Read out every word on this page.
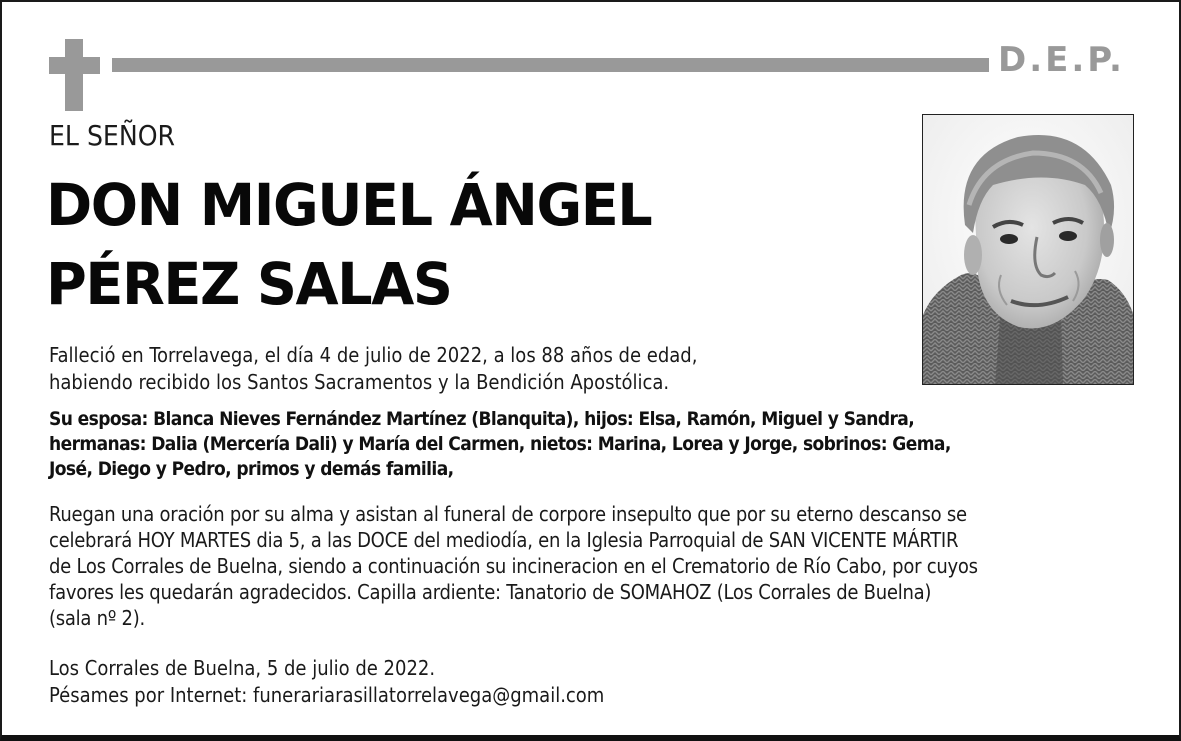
D.E.P.
EL SEÑOR
DON MIGUEL ÁNGEL
PÉREZ SALAS
Falleció en Torrelavega, el día 4 de julio de 2022, a los 88 años de edad,
habiendo recibido los Santos Sacramentos y la Bendición Apostólica.
Su esposa: Blanca Nieves Fernández Martínez (Blanquita), hijos: Elsa, Ramón, Miguel y Sandra,
hermanas: Dalia (Mercería Dali) y María del Carmen, nietos: Marina, Lorea y Jorge, sobrinos: Gema,
José, Diego y Pedro, primos y demás familia,
Ruegan una oración por su alma y asistan al funeral de corpore insepulto que por su eterno descanso se
celebrará HOY MARTES dia 5, a las DOCE del mediodía, en la Iglesia Parroquial de SAN VICENTE MÁRTIR
de Los Corrales de Buelna, siendo a continuación su incineracion en el Crematorio de Río Cabo, por cuyos
favores les quedarán agradecidos. Capilla ardiente: Tanatorio de SOMAHOZ (Los Corrales de Buelna)
(sala nº 2).
Los Corrales de Buelna, 5 de julio de 2022.
Pésames por Internet: funerariarasillatorrelavega@gmail.com
